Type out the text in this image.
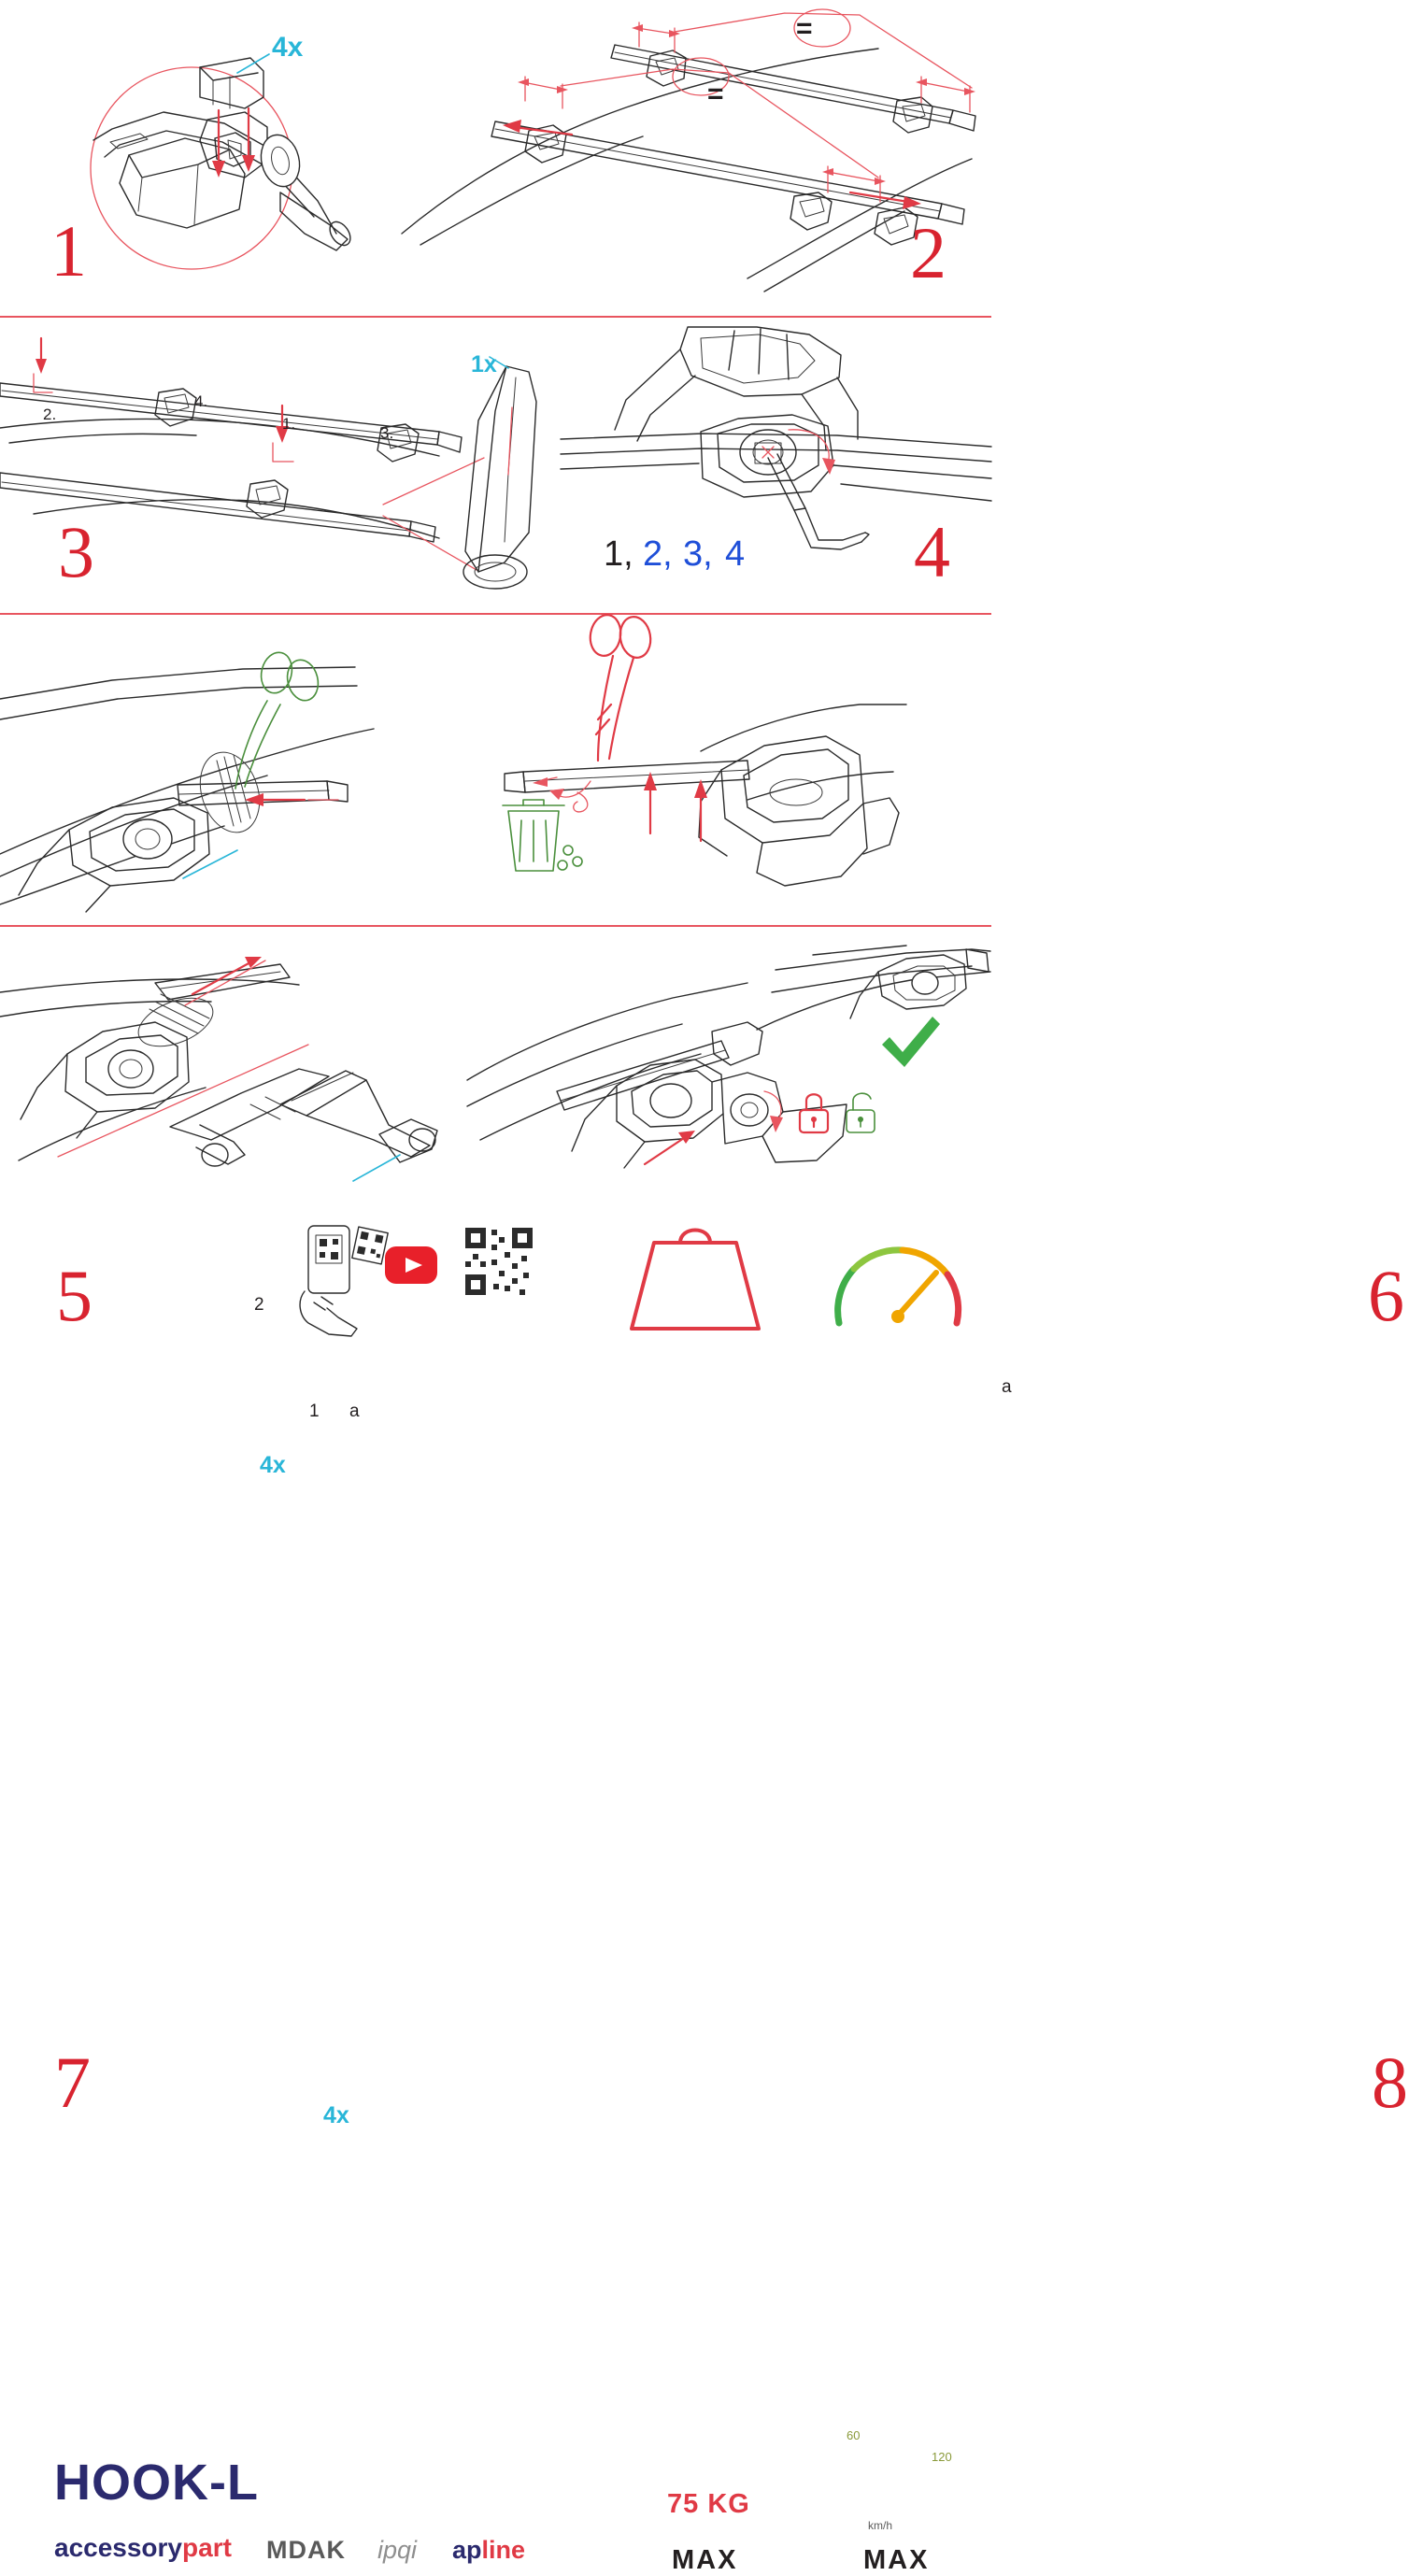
1
4x
=
=
2
2.
4.
1.
3.
1x
3	1, 2, 3, 4 4
5	2
1 a
4x
a
6
7	4x	8
HOOK-L
accessorypart MDAK ipqi apline
75 KG
MAX	MAX
km/h
60
120
